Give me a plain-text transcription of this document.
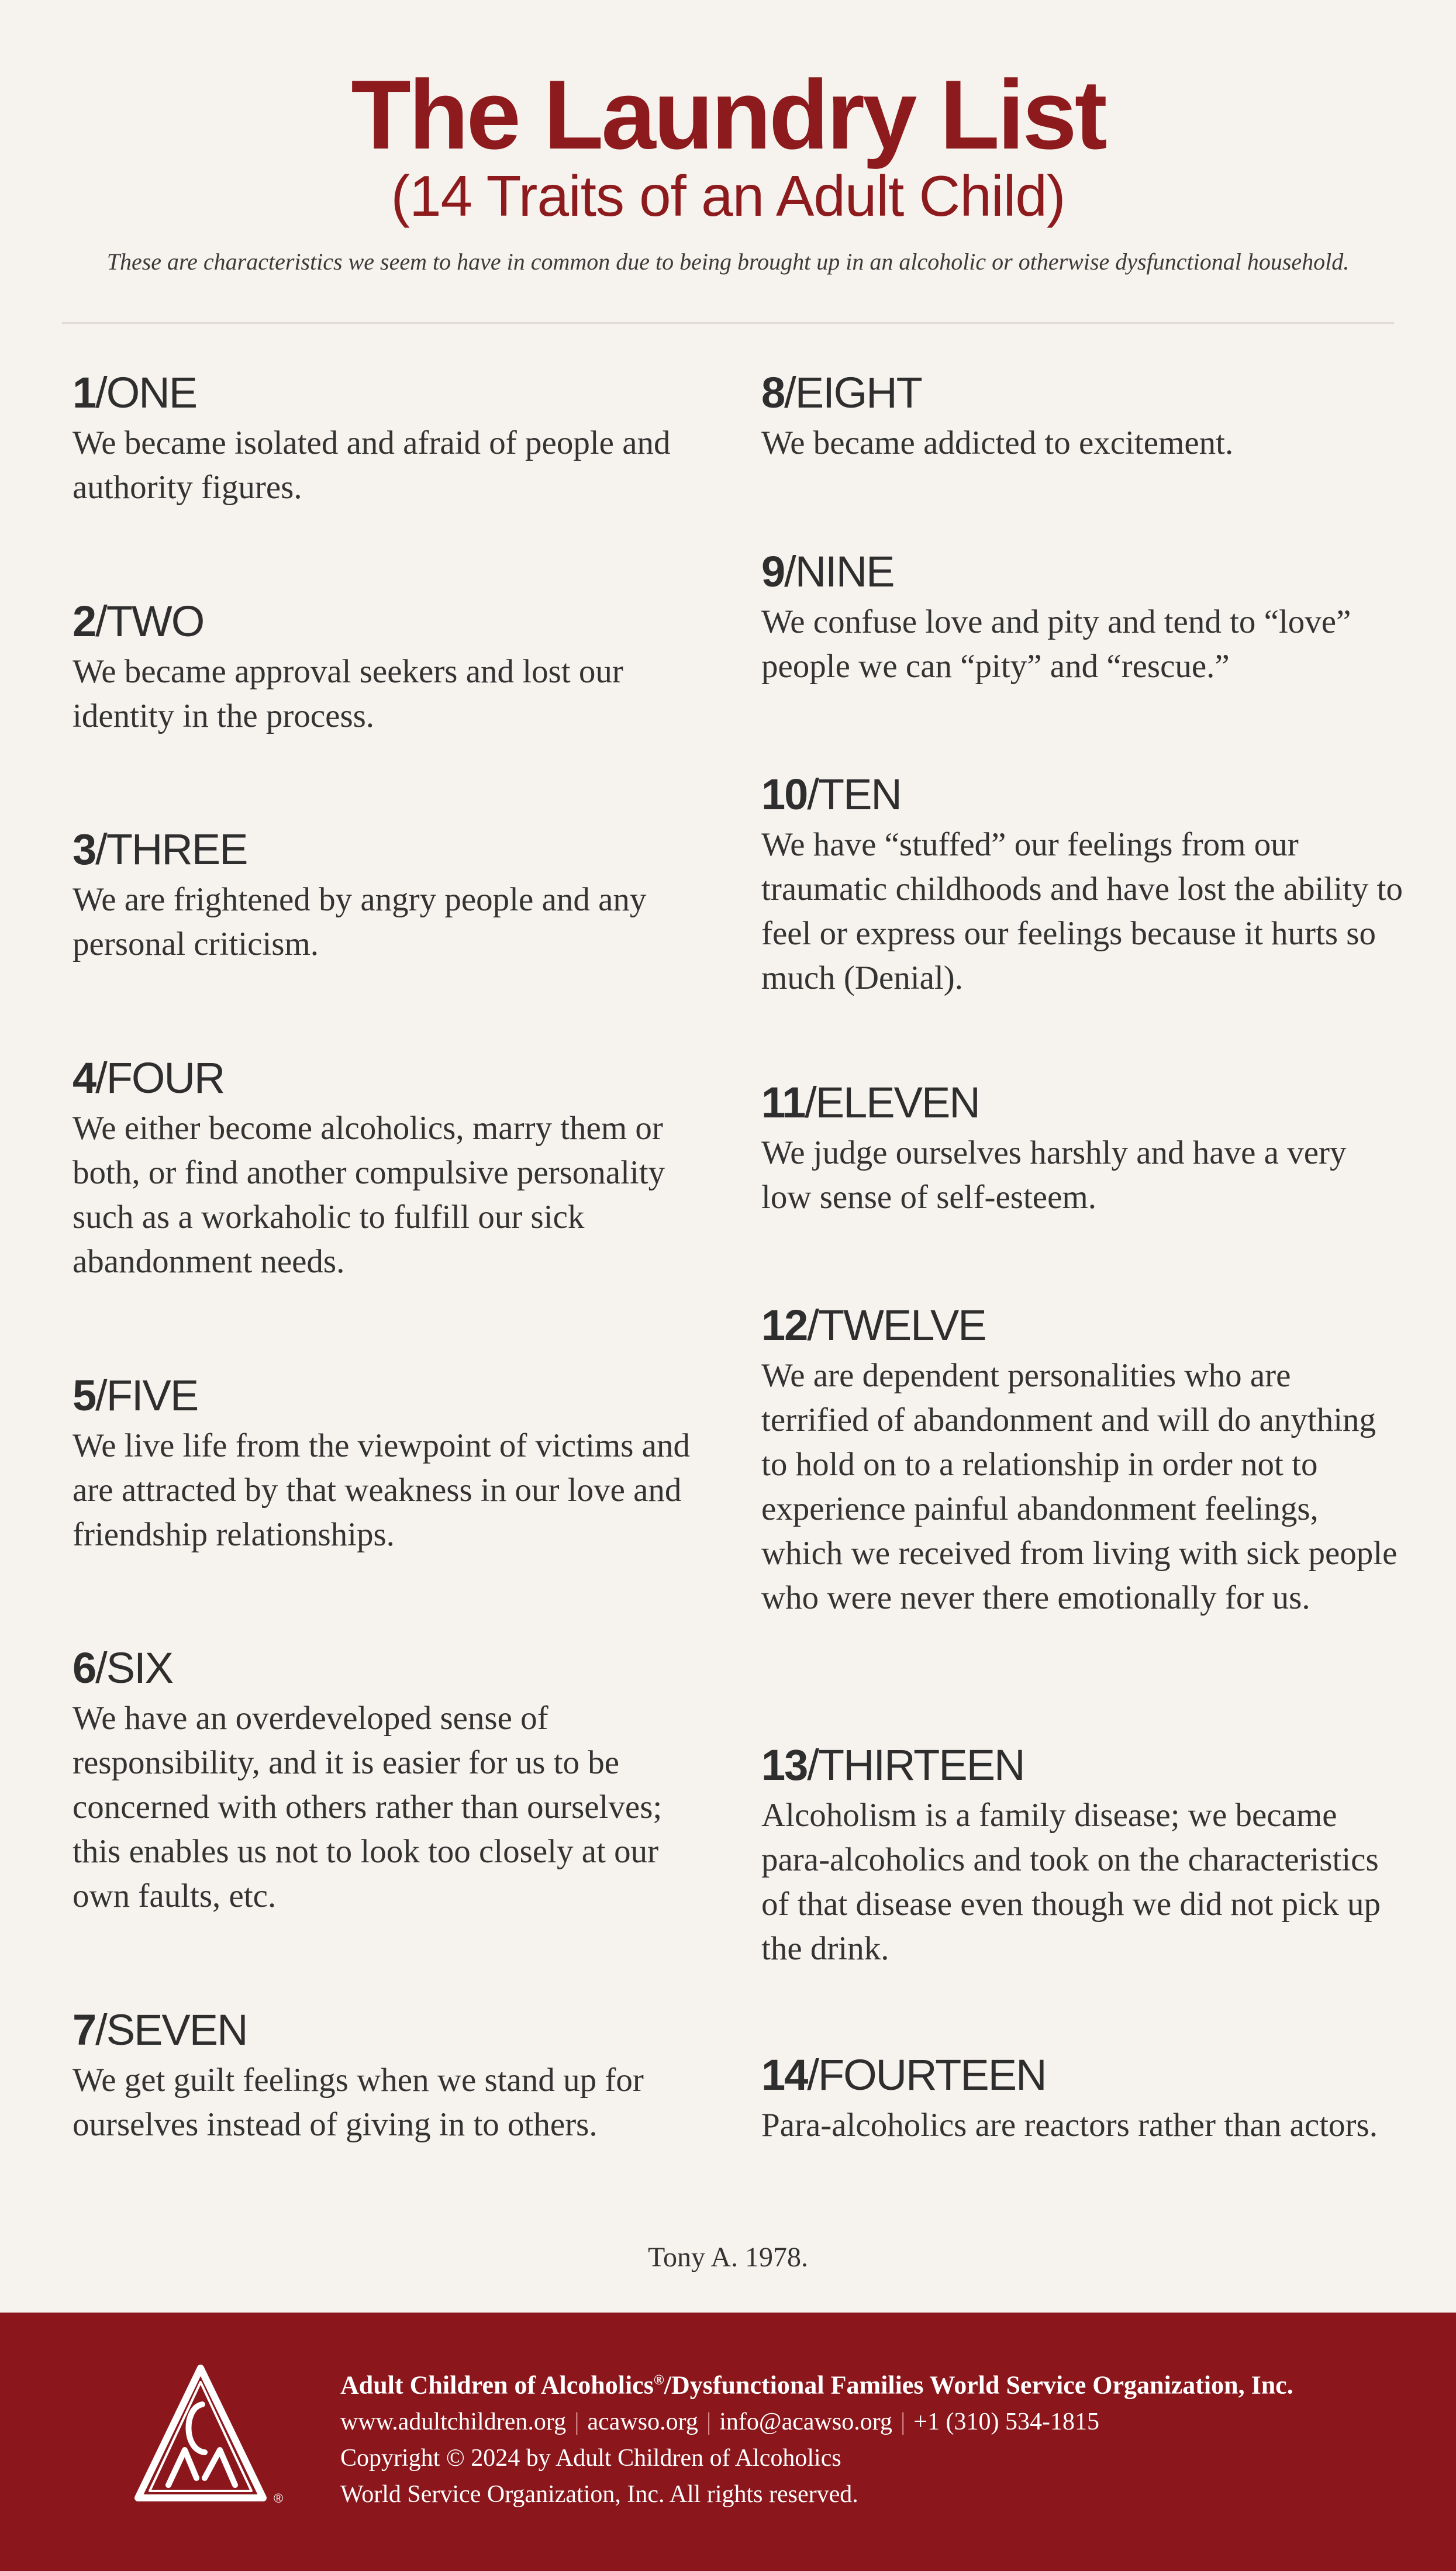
The Laundry List
(14 Traits of an Adult Child)
These are characteristics we seem to have in common due to being brought up in an alcoholic or otherwise dysfunctional household.
1/ONE
We became isolated and afraid of people and authority figures.
2/TWO
We became approval seekers and lost our identity in the process.
3/THREE
We are frightened by angry people and any personal criticism.
4/FOUR
We either become alcoholics, marry them or both, or find another compulsive personality such as a workaholic to fulfill our sick abandonment needs.
5/FIVE
We live life from the viewpoint of victims and are attracted by that weakness in our love and friendship relationships.
6/SIX
We have an overdeveloped sense of responsibility, and it is easier for us to be concerned with others rather than ourselves; this enables us not to look too closely at our own faults, etc.
7/SEVEN
We get guilt feelings when we stand up for ourselves instead of giving in to others.
8/EIGHT
We became addicted to excitement.
9/NINE
We confuse love and pity and tend to “love” people we can “pity” and “rescue.”
10/TEN
We have “stuffed” our feelings from our traumatic childhoods and have lost the ability to feel or express our feelings because it hurts so much (Denial).
11/ELEVEN
We judge ourselves harshly and have a very low sense of self-esteem.
12/TWELVE
We are dependent personalities who are terrified of abandonment and will do anything to hold on to a relationship in order not to experience painful abandonment feelings, which we received from living with sick people who were never there emotionally for us.
13/THIRTEEN
Alcoholism is a family disease; we became para-alcoholics and took on the characteristics of that disease even though we did not pick up the drink.
14/FOURTEEN
Para-alcoholics are reactors rather than actors.
Tony A. 1978.
®
Adult Children of Alcoholics®/Dysfunctional Families World Service Organization, Inc.
www.adultchildren.org | acawso.org | info@acawso.org | +1 (310) 534-1815
Copyright © 2024 by Adult Children of Alcoholics
World Service Organization, Inc. All rights reserved.
